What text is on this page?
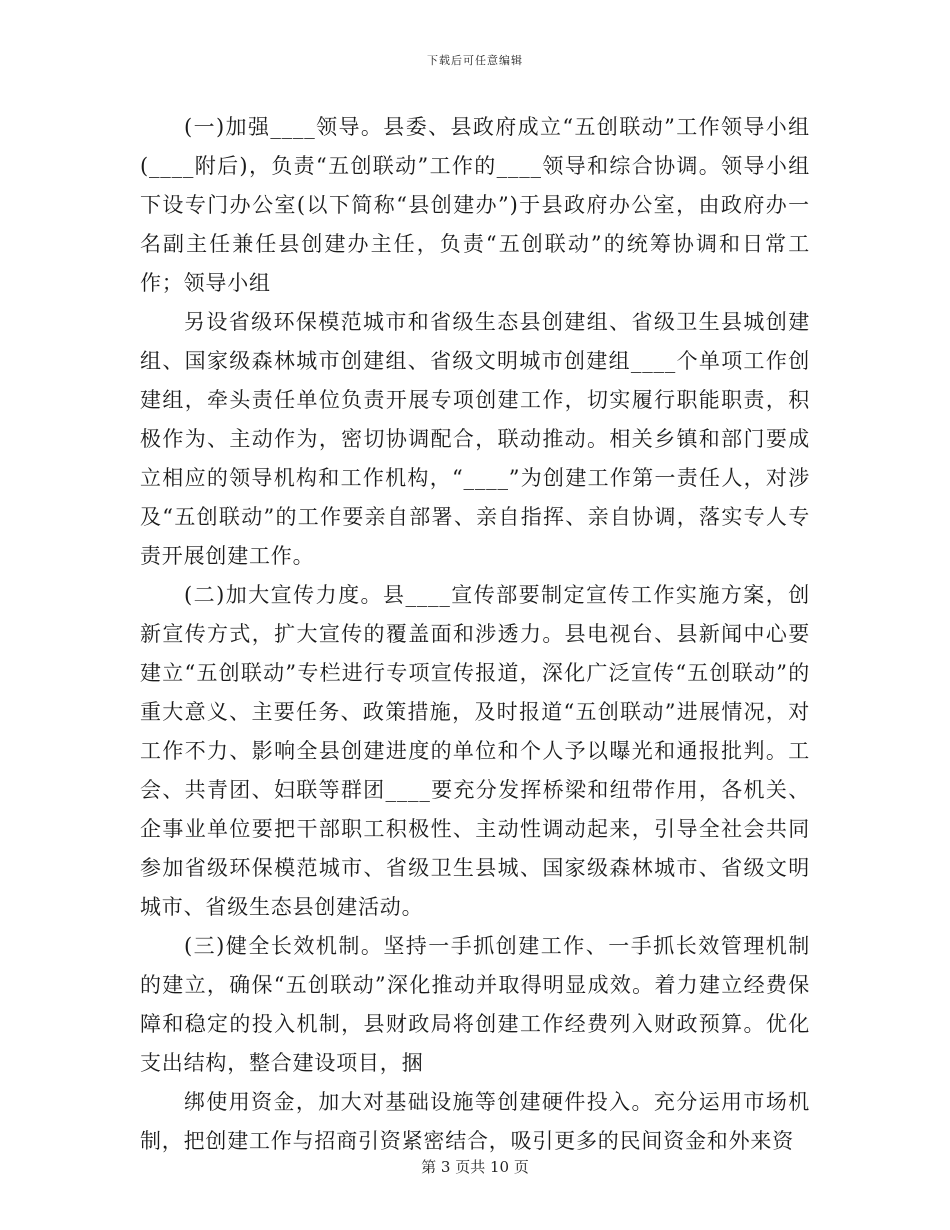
下载后可任意编辑

(一)加强____领导。县委、县政府成立“五创联动”工作领导小组(____附后)，负责“五创联动”工作的____领导和综合协调。领导小组下设专门办公室(以下简称“县创建办”)于县政府办公室，由政府办一名副主任兼任县创建办主任，负责“五创联动”的统筹协调和日常工作；领导小组

另设省级环保模范城市和省级生态县创建组、省级卫生县城创建组、国家级森林城市创建组、省级文明城市创建组____个单项工作创建组，牵头责任单位负责开展专项创建工作，切实履行职能职责，积极作为、主动作为，密切协调配合，联动推动。相关乡镇和部门要成立相应的领导机构和工作机构，“____”为创建工作第一责任人，对涉及“五创联动”的工作要亲自部署、亲自指挥、亲自协调，落实专人专责开展创建工作。

(二)加大宣传力度。县____宣传部要制定宣传工作实施方案，创新宣传方式，扩大宣传的覆盖面和涉透力。县电视台、县新闻中心要建立“五创联动”专栏进行专项宣传报道，深化广泛宣传“五创联动”的重大意义、主要任务、政策措施，及时报道“五创联动”进展情况，对工作不力、影响全县创建进度的单位和个人予以曝光和通报批判。工会、共青团、妇联等群团____要充分发挥桥梁和纽带作用，各机关、企事业单位要把干部职工积极性、主动性调动起来，引导全社会共同参加省级环保模范城市、省级卫生县城、国家级森林城市、省级文明城市、省级生态县创建活动。

(三)健全长效机制。坚持一手抓创建工作、一手抓长效管理机制的建立，确保“五创联动”深化推动并取得明显成效。着力建立经费保障和稳定的投入机制，县财政局将创建工作经费列入财政预算。优化支出结构，整合建设项目，捆

绑使用资金，加大对基础设施等创建硬件投入。充分运用市场机制，把创建工作与招商引资紧密结合，吸引更多的民间资金和外来资

第 3 页共 10 页
